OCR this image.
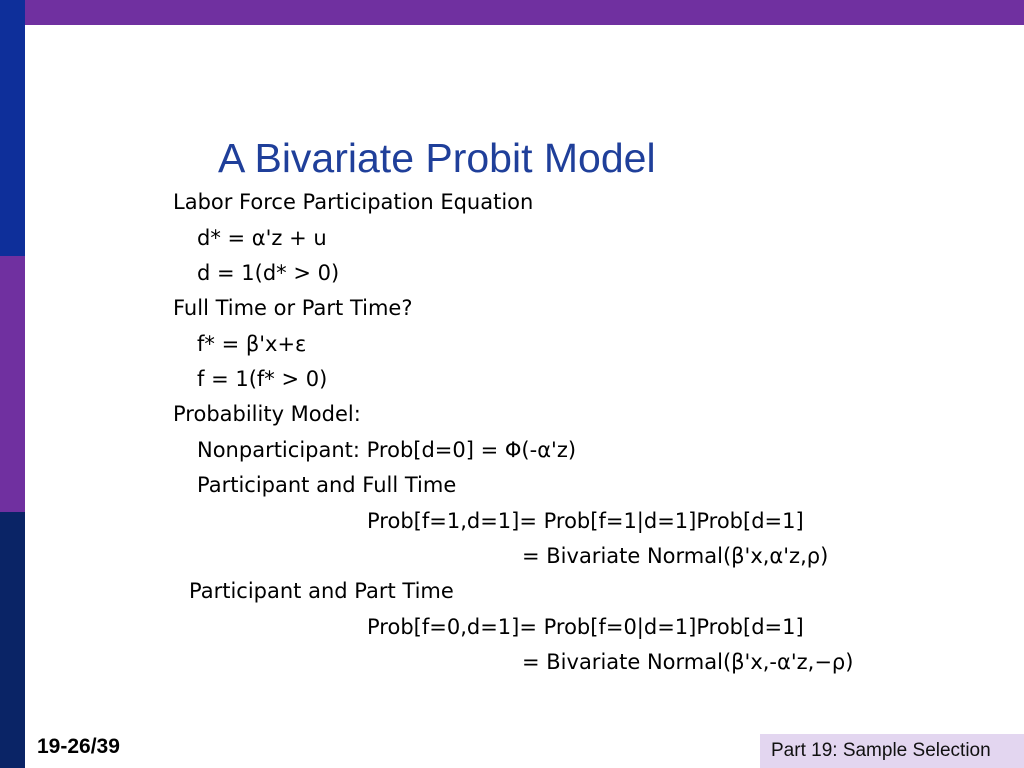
A Bivariate Probit Model
Labor Force Participation Equation
d* = α'z + u
d = 1(d* > 0)
Full Time or Part Time?
f* = β'x+ε
f = 1(f* > 0)
Probability Model:
Nonparticipant: Prob[d=0] = Φ(-α'z)
Participant and Full Time
Prob[f=1,d=1]= Prob[f=1|d=1]Prob[d=1]
= Bivariate Normal(β'x,α'z,ρ)
Participant and Part Time
Prob[f=0,d=1]= Prob[f=0|d=1]Prob[d=1]
= Bivariate Normal(β'x,-α'z,−ρ)
19-26/39	Part 19: Sample Selection
